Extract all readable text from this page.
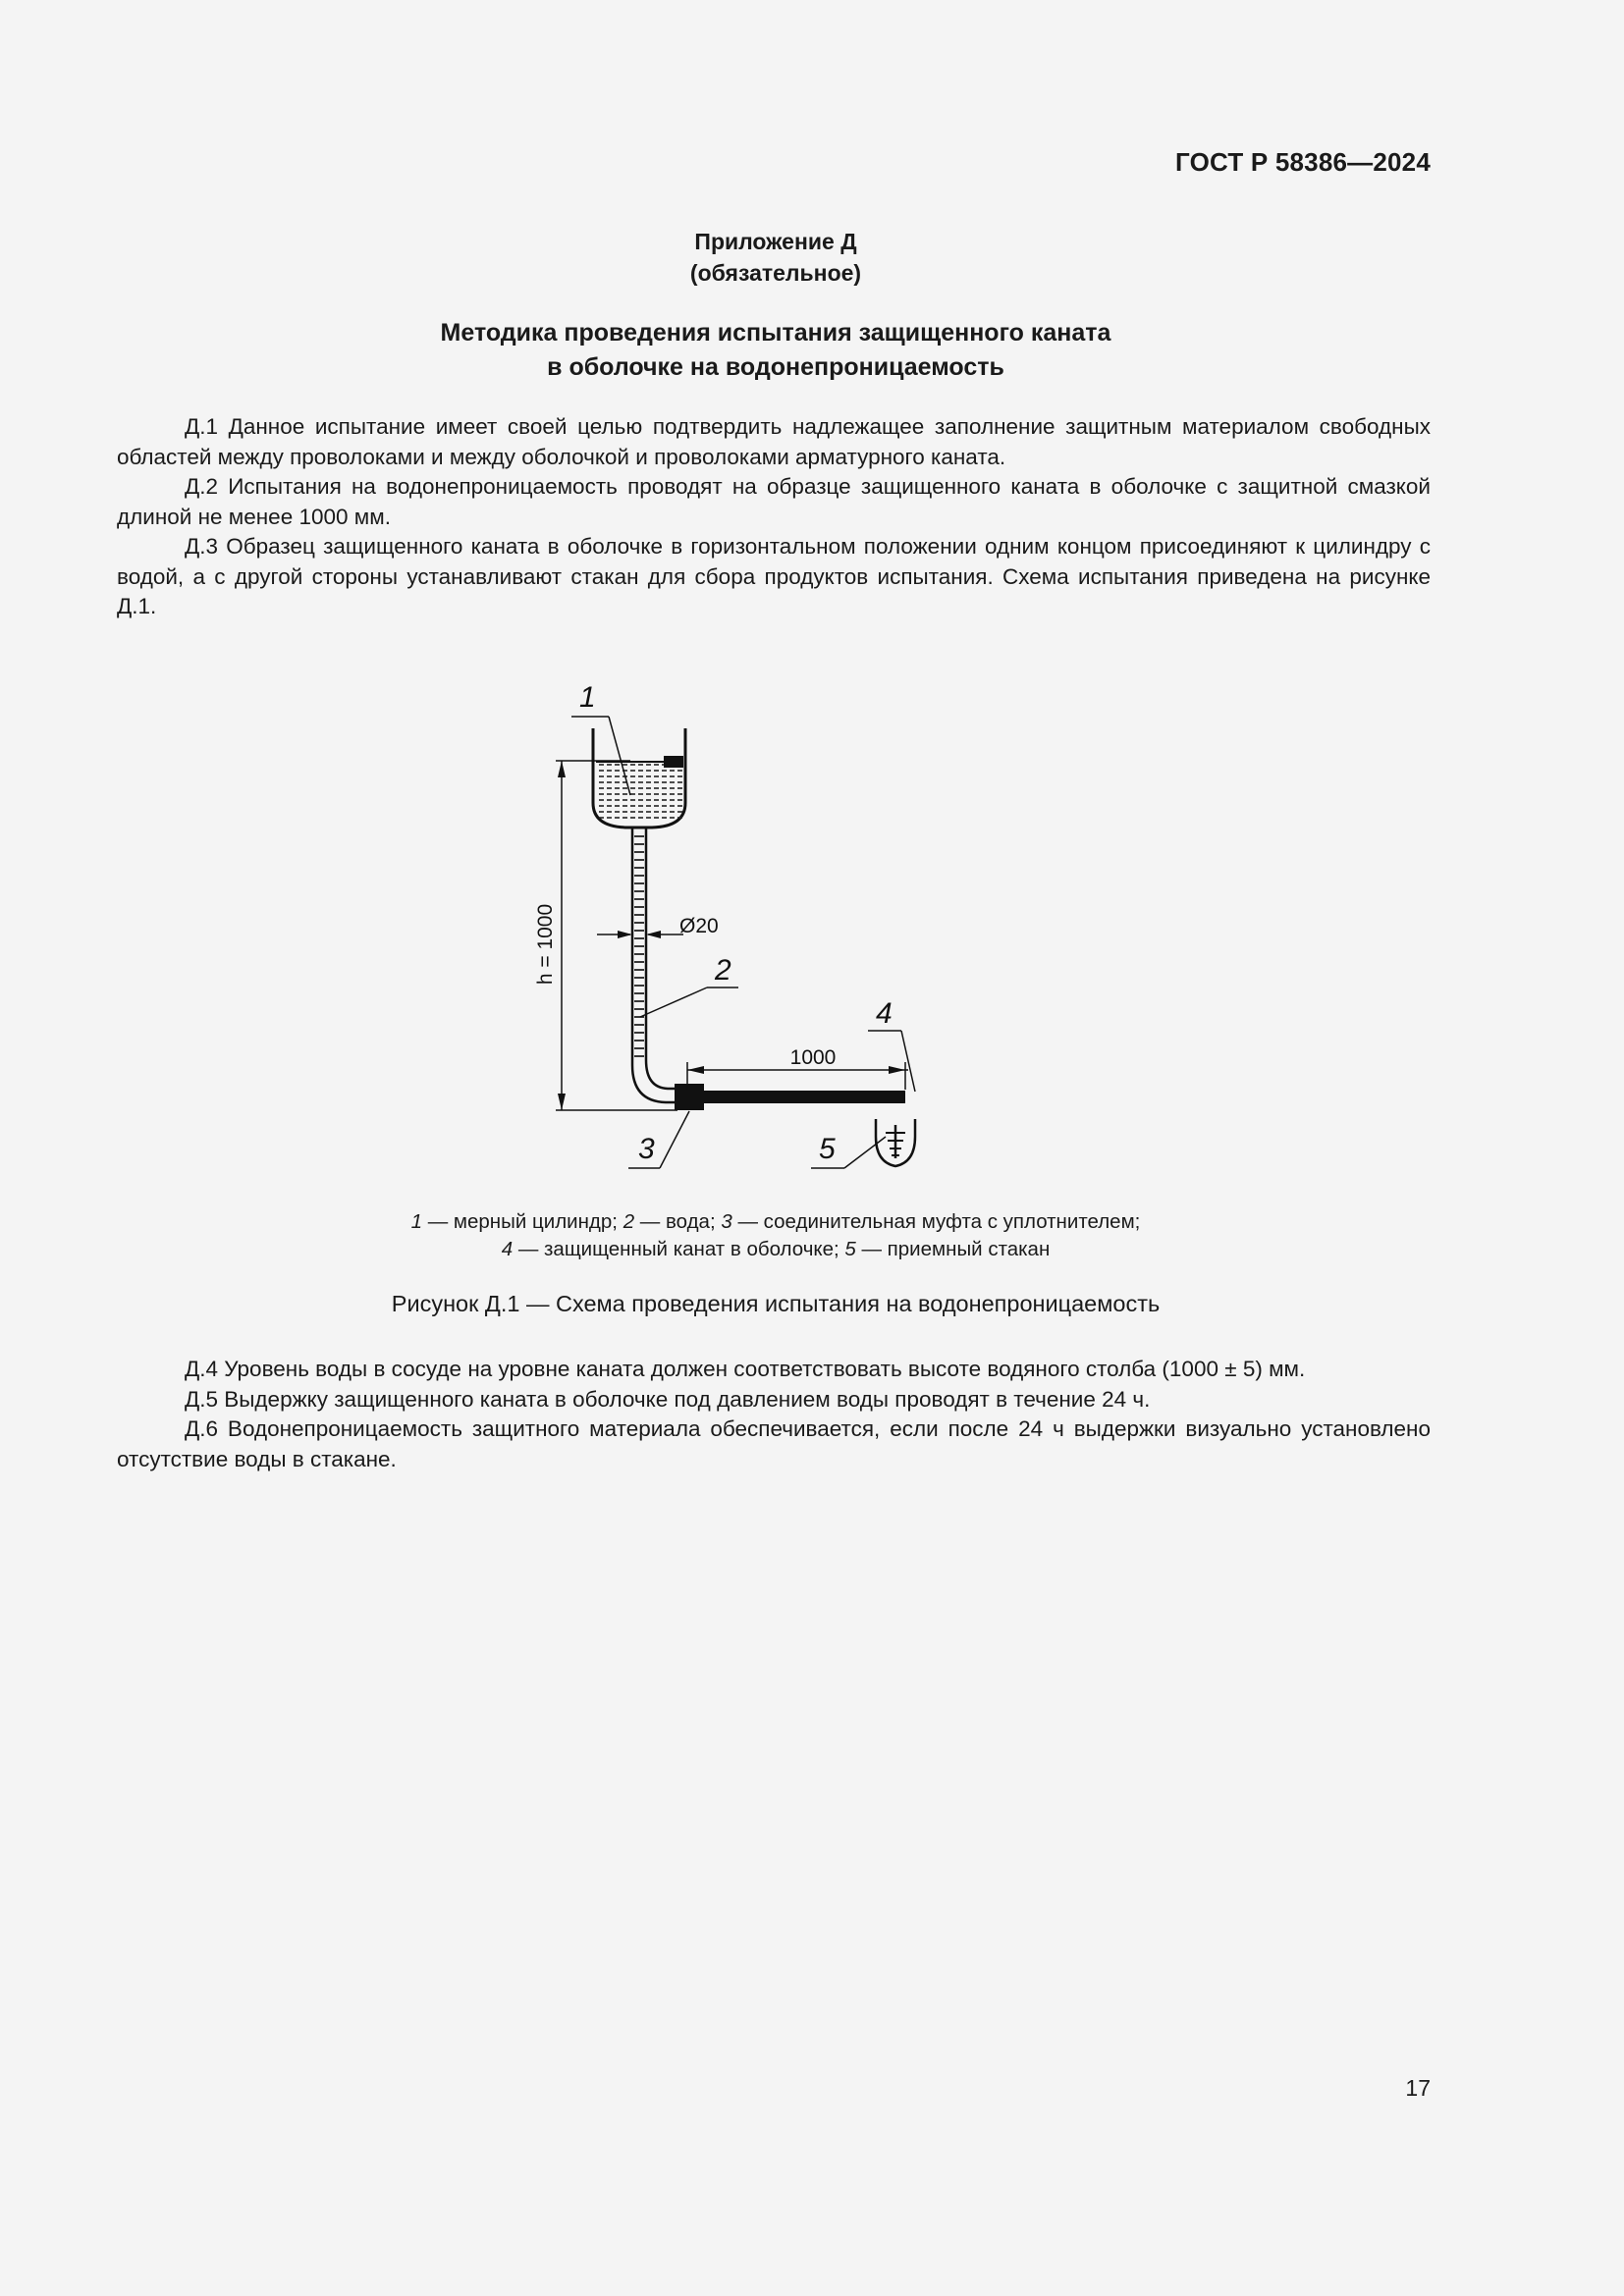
ГОСТ Р 58386—2024
Приложение Д
(обязательное)
Методика проведения испытания защищенного каната
в оболочке на водонепроницаемость

Д.1 Данное испытание имеет своей целью подтвердить надлежащее заполнение защитным материалом свободных областей между проволоками и между оболочкой и проволоками арматурного каната.

Д.2 Испытания на водонепроницаемость проводят на образце защищенного каната в оболочке с защитной смазкой длиной не менее 1000 мм.

Д.3 Образец защищенного каната в оболочке в горизонтальном положении одним концом присоединяют к цилиндру с водой, а с другой стороны устанавливают стакан для сбора продуктов испытания. Схема испытания приведена на рисунке Д.1.

h = 1000	Ø20
1000
1
2
3
4
5
1 — мерный цилиндр; 2 — вода; 3 — соединительная муфта с уплотнителем;
4 — защищенный канат в оболочке; 5 — приемный стакан
Рисунок Д.1 — Схема проведения испытания на водонепроницаемость

Д.4 Уровень воды в сосуде на уровне каната должен соответствовать высоте водяного столба (1000 ± 5) мм.

Д.5 Выдержку защищенного каната в оболочке под давлением воды проводят в течение 24 ч.

Д.6 Водонепроницаемость защитного материала обеспечивается, если после 24 ч выдержки визуально установлено отсутствие воды в стакане.

17
